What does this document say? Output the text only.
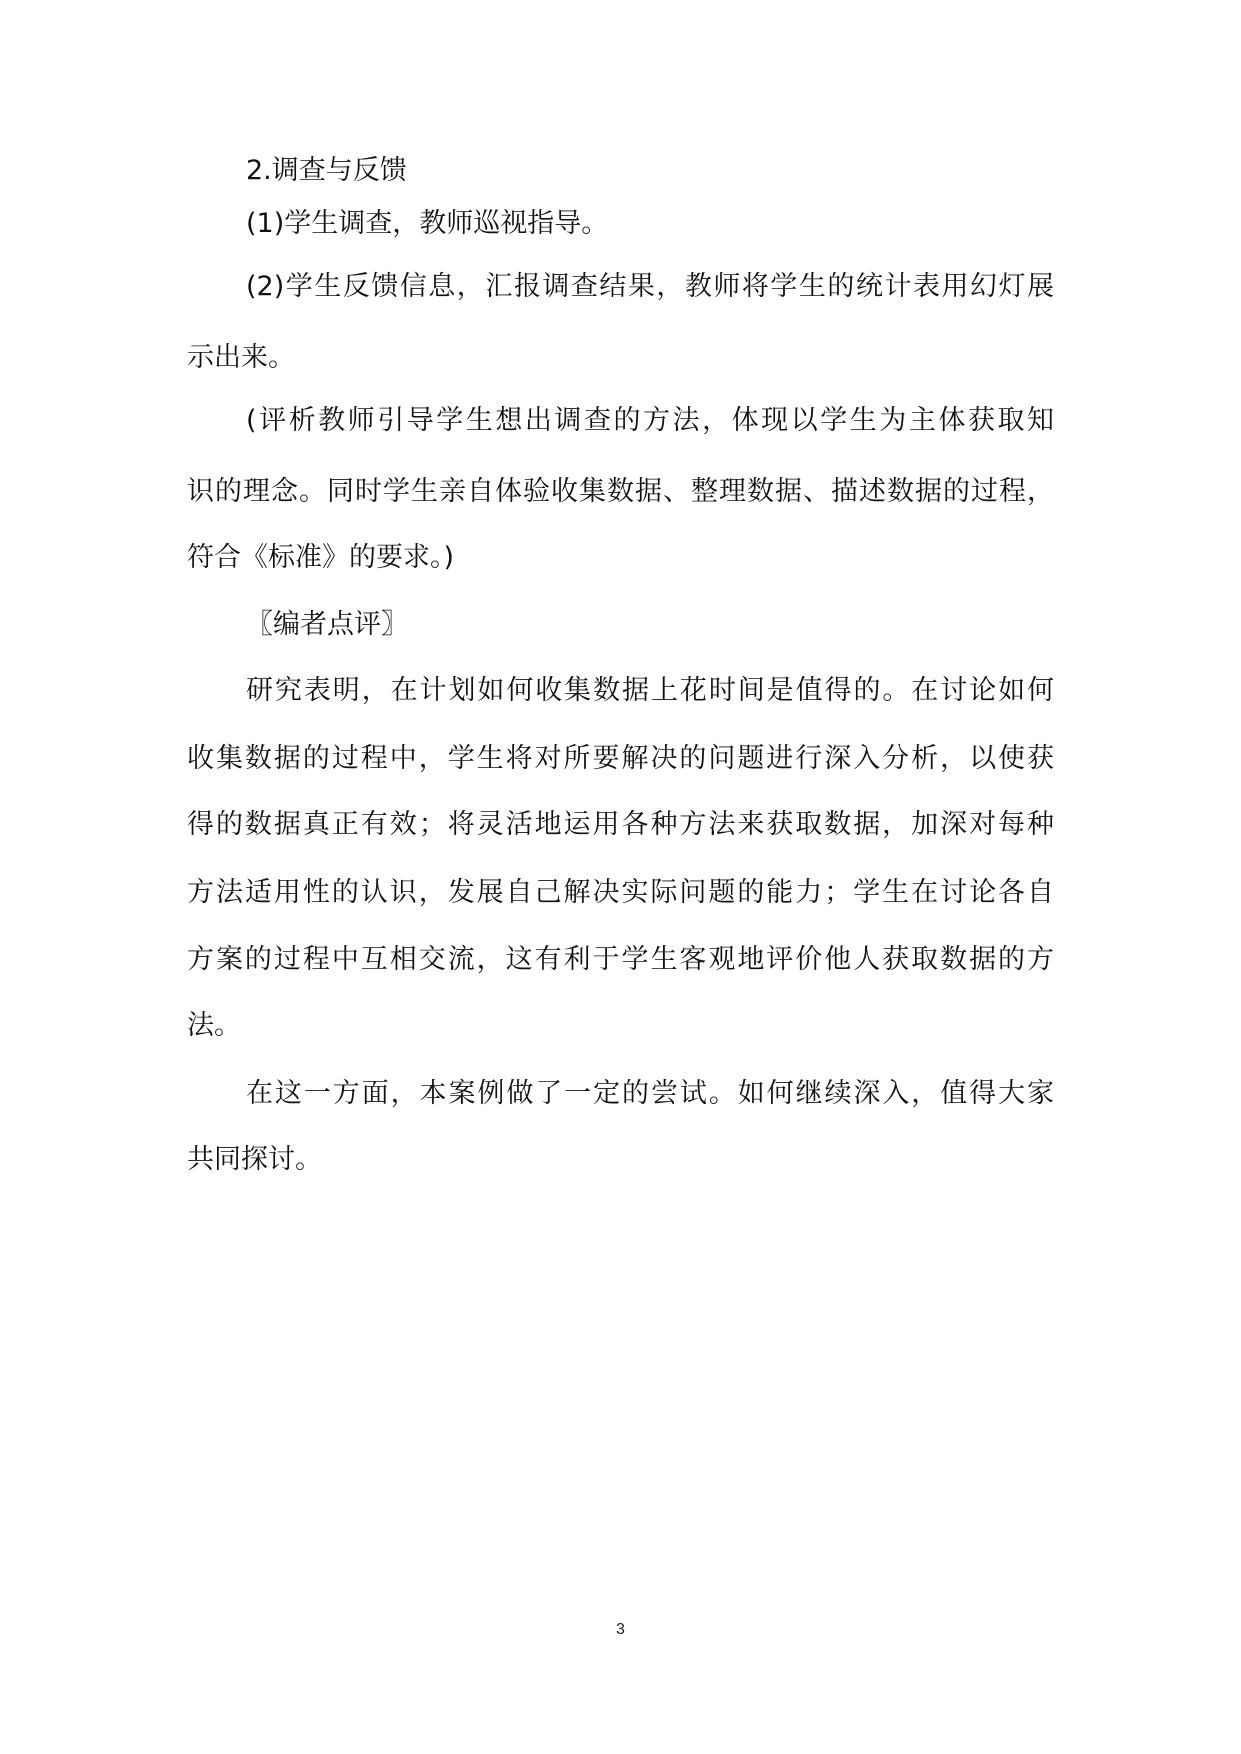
2.调查与反馈
(1)学生调查，教师巡视指导。
(2)学生反馈信息，汇报调查结果，教师将学生的统计表用幻灯展
示出来。
(评析教师引导学生想出调查的方法，体现以学生为主体获取知
识的理念。同时学生亲自体验收集数据、整理数据、描述数据的过程，
符合《标准》的要求。)
〖编者点评〗
研究表明，在计划如何收集数据上花时间是值得的。在讨论如何
收集数据的过程中，学生将对所要解决的问题进行深入分析，以使获
得的数据真正有效；将灵活地运用各种方法来获取数据，加深对每种
方法适用性的认识，发展自己解决实际问题的能力；学生在讨论各自
方案的过程中互相交流，这有利于学生客观地评价他人获取数据的方
法。
在这一方面，本案例做了一定的尝试。如何继续深入，值得大家
共同探讨。
3
